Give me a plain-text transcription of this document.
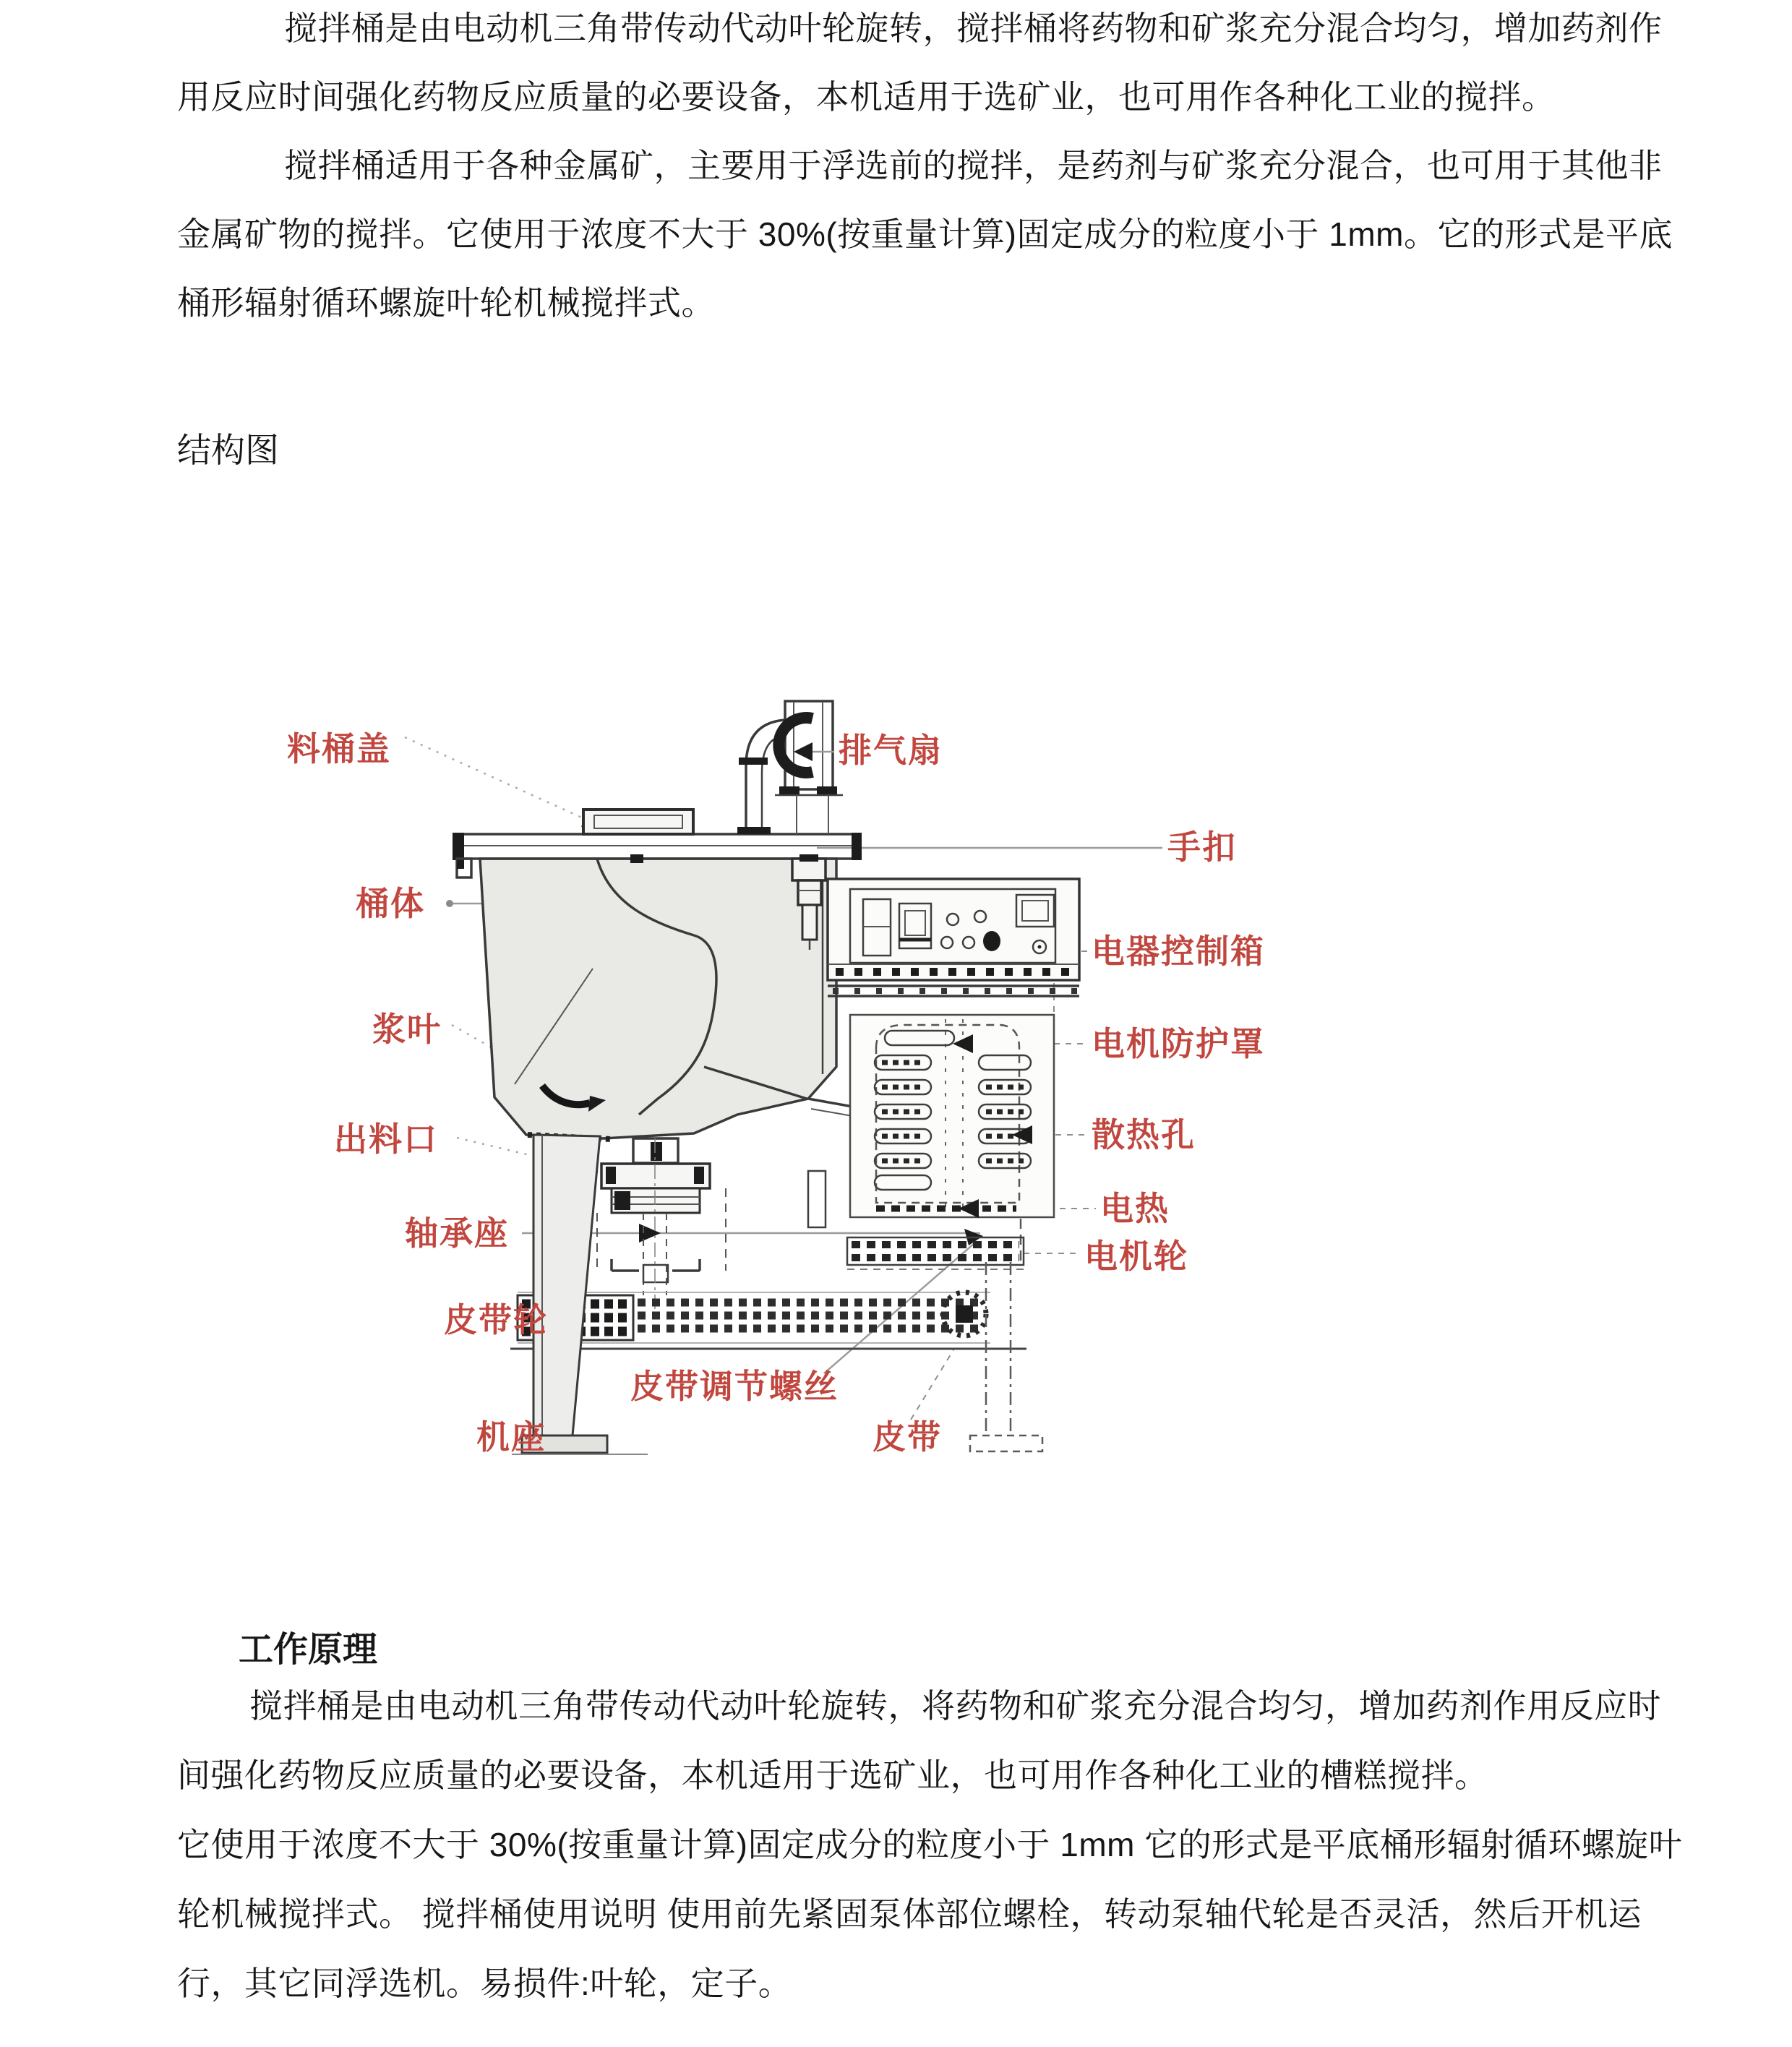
搅拌桶是由电动机三角带传动代动叶轮旋转，搅拌桶将药物和矿浆充分混合均匀，增加药剂作
用反应时间强化药物反应质量的必要设备，本机适用于选矿业，也可用作各种化工业的搅拌。
搅拌桶适用于各种金属矿，主要用于浮选前的搅拌，是药剂与矿浆充分混合，也可用于其他非
金属矿物的搅拌。它使用于浓度不大于 30%(按重量计算)固定成分的粒度小于 1mm。它的形式是平底
桶形辐射循环螺旋叶轮机械搅拌式。
结构图
料桶盖	排气扇
手扣
电器控制箱
电机防护罩
散热孔
电热
电机轮
桶体
浆叶
出料口
轴承座
皮带轮
皮带调节螺丝
机座	皮带
工作原理
搅拌桶是由电动机三角带传动代动叶轮旋转，将药物和矿浆充分混合均匀，增加药剂作用反应时
间强化药物反应质量的必要设备，本机适用于选矿业，也可用作各种化工业的槽糕搅拌。
它使用于浓度不大于 30%(按重量计算)固定成分的粒度小于 1mm 它的形式是平底桶形辐射循环螺旋叶
轮机械搅拌式。 搅拌桶使用说明 使用前先紧固泵体部位螺栓，转动泵轴代轮是否灵活，然后开机运
行，其它同浮选机。易损件:叶轮，定子。
